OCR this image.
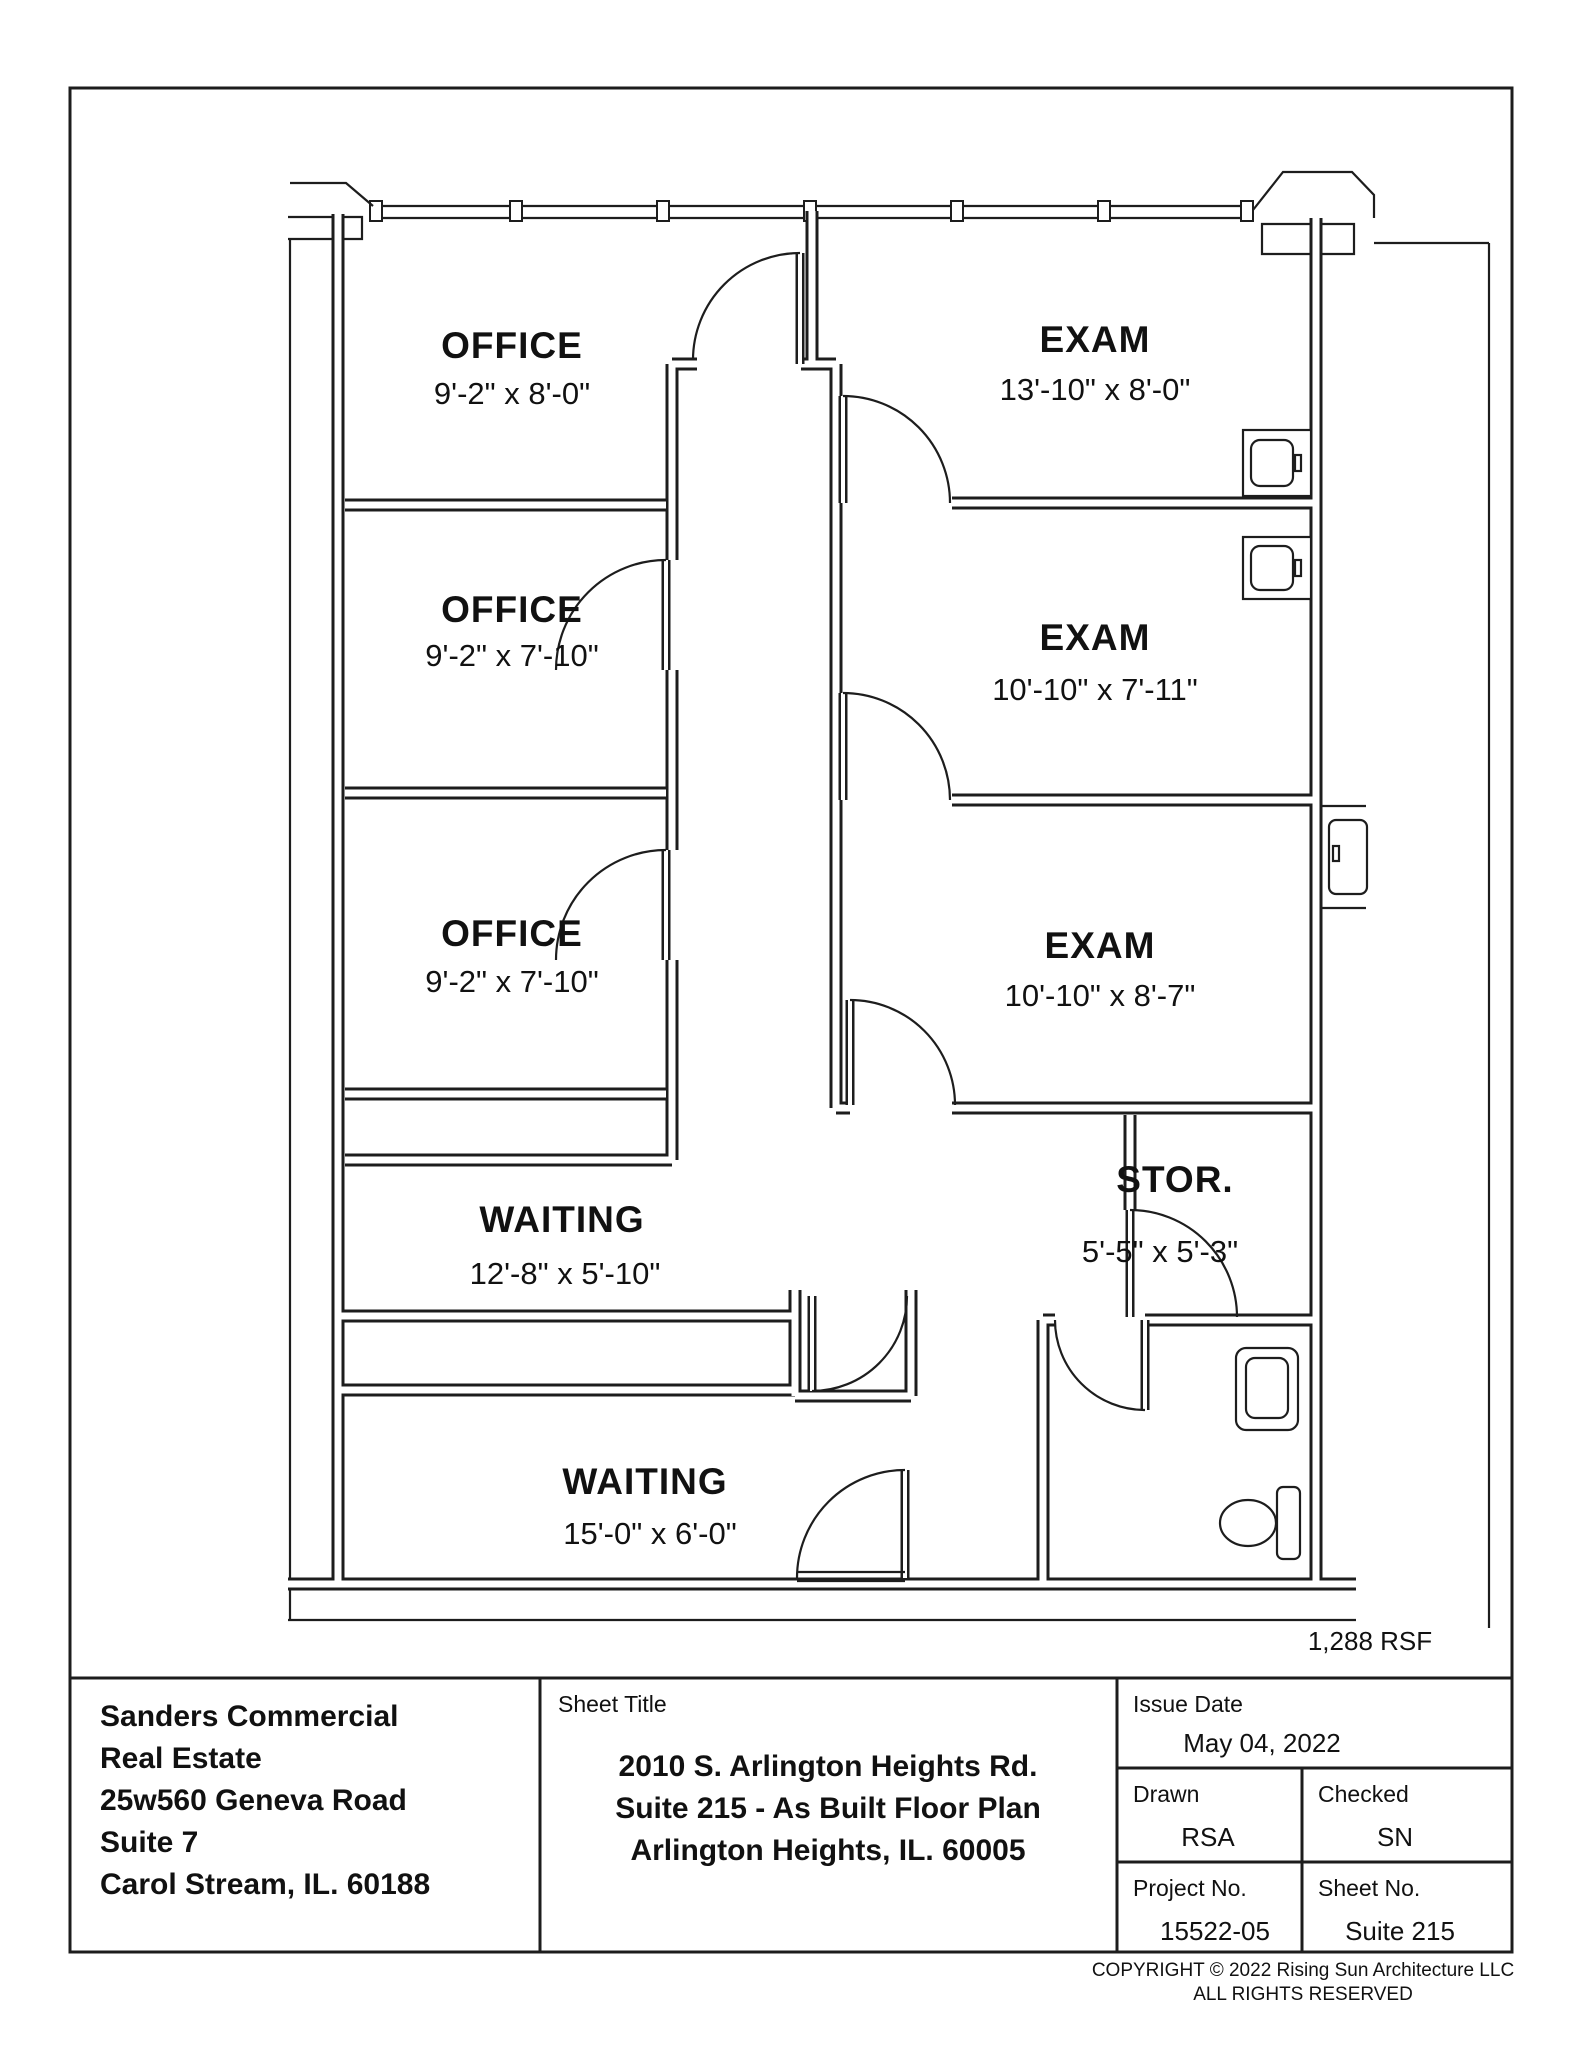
OFFICE
9'-2" x 8'-0"
OFFICE
9'-2" x 7'-10"
OFFICE
9'-2" x 7'-10"
EXAM
13'-10" x 8'-0"
EXAM
10'-10" x 7'-11"
EXAM
10'-10" x 8'-7"
WAITING
12'-8" x 5'-10"
WAITING
15'-0" x 6'-0"
STOR.
5'-5" x 5'-3"
1,288 RSF
Sanders Commercial
Real Estate
25w560 Geneva Road
Suite 7
Carol Stream, IL. 60188
Sheet Title
2010 S. Arlington Heights Rd.
Suite 215 - As Built Floor Plan
Arlington Heights, IL. 60005
Issue Date
May 04, 2022
Drawn
RSA
Checked
SN
Project No.
15522-05
Sheet No.
Suite 215
COPYRIGHT © 2022 Rising Sun Architecture LLC
ALL RIGHTS RESERVED
